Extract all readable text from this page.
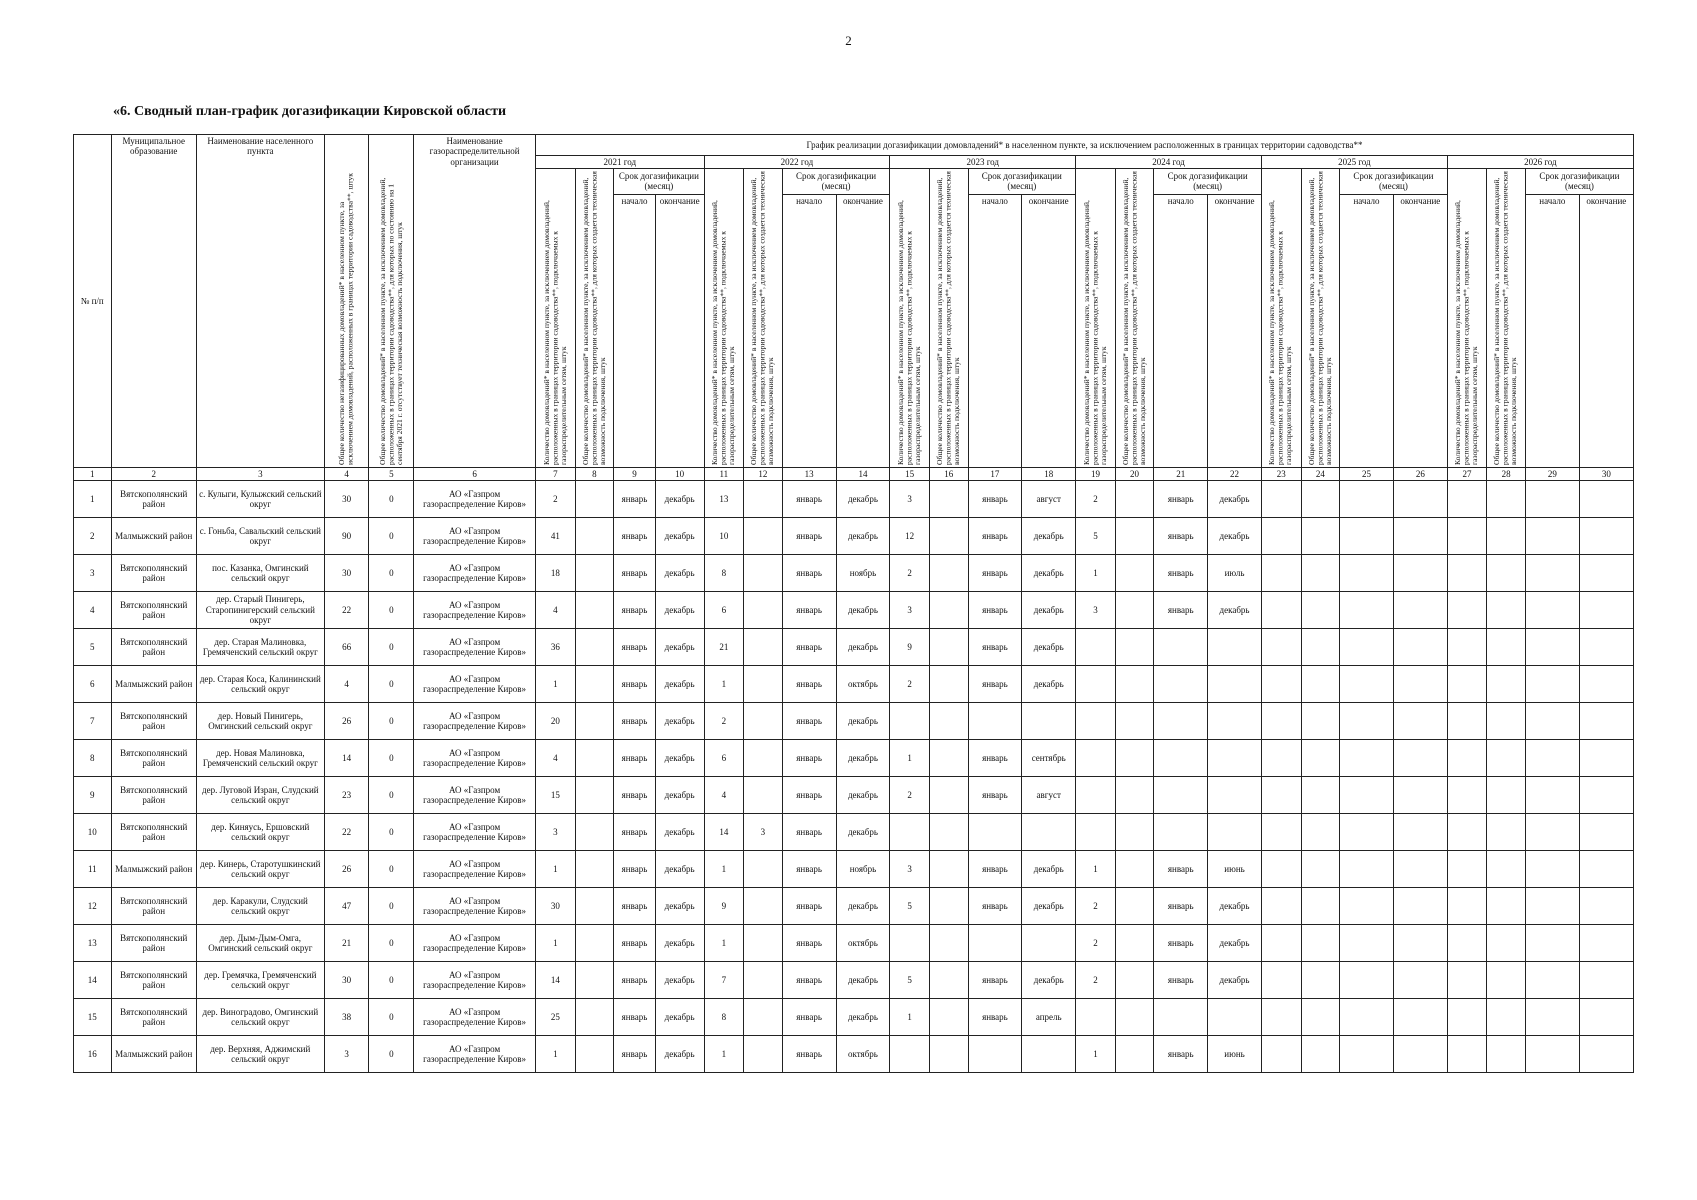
2
«6. Сводный план-график догазификации Кировской области
№ п/п	Муниципальное образование	Наименование населенного пункта	Общее количество негазифицированных домовладений* в населенном пункте, за исключением домовладений, расположенных в границах территории садоводства**, штук	Общее количество домовладений* в населенном пункте, за исключением домовладений, расположенных в границах территории садоводства**, для которых по состоянию на 1 сентября 2021 г. отсутствует техническая возможность подключения, штук	Наименование газораспределительной организации	График реализации догазификации домовладений* в населенном пункте, за исключением расположенных в границах территории садоводства**																							
						2021 год				2022 год				2023 год				2024 год				2025 год				2026 год			
						Количество домовладений* в населенном пункте, за исключением домовладений, расположенных в границах территории садоводства**, подключаемых к газораспределительным сетям, штук	Общее количество домовладений* в населенном пункте, за исключением домовладений, расположенных в границах территории садоводства**, для которых создается техническая возможность подключения, штук	Срок догазификации (месяц)		Количество домовладений* в населенном пункте, за исключением домовладений, расположенных в границах территории садоводства**, подключаемых к газораспределительным сетям, штук	Общее количество домовладений* в населенном пункте, за исключением домовладений, расположенных в границах территории садоводства**, для которых создается техническая возможность подключения, штук	Срок догазификации (месяц)		Количество домовладений* в населенном пункте, за исключением домовладений, расположенных в границах территории садоводства**, подключаемых к газораспределительным сетям, штук	Общее количество домовладений* в населенном пункте, за исключением домовладений, расположенных в границах территории садоводства**, для которых создается техническая возможность подключения, штук	Срок догазификации (месяц)		Количество домовладений* в населенном пункте, за исключением домовладений, расположенных в границах территории садоводства**, подключаемых к газораспределительным сетям, штук	Общее количество домовладений* в населенном пункте, за исключением домовладений, расположенных в границах территории садоводства**, для которых создается техническая возможность подключения, штук	Срок догазификации (месяц)		Количество домовладений* в населенном пункте, за исключением домовладений, расположенных в границах территории садоводства**, подключаемых к газораспределительным сетям, штук	Общее количество домовладений* в населенном пункте, за исключением домовладений, расположенных в границах территории садоводства**, для которых создается техническая возможность подключения, штук	Срок догазификации (месяц)		Количество домовладений* в населенном пункте, за исключением домовладений, расположенных в границах территории садоводства**, подключаемых к газораспределительным сетям, штук	Общее количество домовладений* в населенном пункте, за исключением домовладений, расположенных в границах территории садоводства**, для которых создается техническая возможность подключения, штук	Срок догазификации (месяц)	
								начало	окончание			начало	окончание			начало	окончание			начало	окончание			начало	окончание			начало	окончание
1	2	3	4	5	6	7	8	9	10	11	12	13	14	15	16	17	18	19	20	21	22	23	24	25	26	27	28	29	30
1	Вятскополянский район	с. Кулыги, Кулыжский сельский округ	30	0	АО «Газпром газораспределение Киров»	2		январь	декабрь	13		январь	декабрь	3		январь	август	2		январь	декабрь								
2	Малмыжский район	с. Гоньба, Савальский сельский округ	90	0	АО «Газпром газораспределение Киров»	41		январь	декабрь	10		январь	декабрь	12		январь	декабрь	5		январь	декабрь								
3	Вятскополянский район	пос. Казанка, Омгинский сельский округ	30	0	АО «Газпром газораспределение Киров»	18		январь	декабрь	8		январь	ноябрь	2		январь	декабрь	1		январь	июль								
4	Вятскополянский район	дер. Старый Пинигерь, Старопинигерский сельский округ	22	0	АО «Газпром газораспределение Киров»	4		январь	декабрь	6		январь	декабрь	3		январь	декабрь	3		январь	декабрь								
5	Вятскополянский район	дер. Старая Малиновка, Гремяченский сельский округ	66	0	АО «Газпром газораспределение Киров»	36		январь	декабрь	21		январь	декабрь	9		январь	декабрь												
6	Малмыжский район	дер. Старая Коса, Калининский сельский округ	4	0	АО «Газпром газораспределение Киров»	1		январь	декабрь	1		январь	октябрь	2		январь	декабрь												
7	Вятскополянский район	дер. Новый Пинигерь, Омгинский сельский округ	26	0	АО «Газпром газораспределение Киров»	20		январь	декабрь	2		январь	декабрь																
8	Вятскополянский район	дер. Новая Малиновка, Гремяченский сельский округ	14	0	АО «Газпром газораспределение Киров»	4		январь	декабрь	6		январь	декабрь	1		январь	сентябрь												
9	Вятскополянский район	дер. Луговой Изран, Слудский сельский округ	23	0	АО «Газпром газораспределение Киров»	15		январь	декабрь	4		январь	декабрь	2		январь	август												
10	Вятскополянский район	дер. Киняусь, Ершовский сельский округ	22	0	АО «Газпром газораспределение Киров»	3		январь	декабрь	14	3	январь	декабрь																
11	Малмыжский район	дер. Кинерь, Старотушкинский сельский округ	26	0	АО «Газпром газораспределение Киров»	1		январь	декабрь	1		январь	ноябрь	3		январь	декабрь	1		январь	июнь								
12	Вятскополянский район	дер. Каракули, Слудский сельский округ	47	0	АО «Газпром газораспределение Киров»	30		январь	декабрь	9		январь	декабрь	5		январь	декабрь	2		январь	декабрь								
13	Вятскополянский район	дер. Дым-Дым-Омга, Омгинский сельский округ	21	0	АО «Газпром газораспределение Киров»	1		январь	декабрь	1		январь	октябрь					2		январь	декабрь								
14	Вятскополянский район	дер. Гремячка, Гремяченский сельский округ	30	0	АО «Газпром газораспределение Киров»	14		январь	декабрь	7		январь	декабрь	5		январь	декабрь	2		январь	декабрь								
15	Вятскополянский район	дер. Виноградово, Омгинский сельский округ	38	0	АО «Газпром газораспределение Киров»	25		январь	декабрь	8		январь	декабрь	1		январь	апрель												
16	Малмыжский район	дер. Верхняя, Аджимский сельский округ	3	0	АО «Газпром газораспределение Киров»	1		январь	декабрь	1		январь	октябрь					1		январь	июнь								
